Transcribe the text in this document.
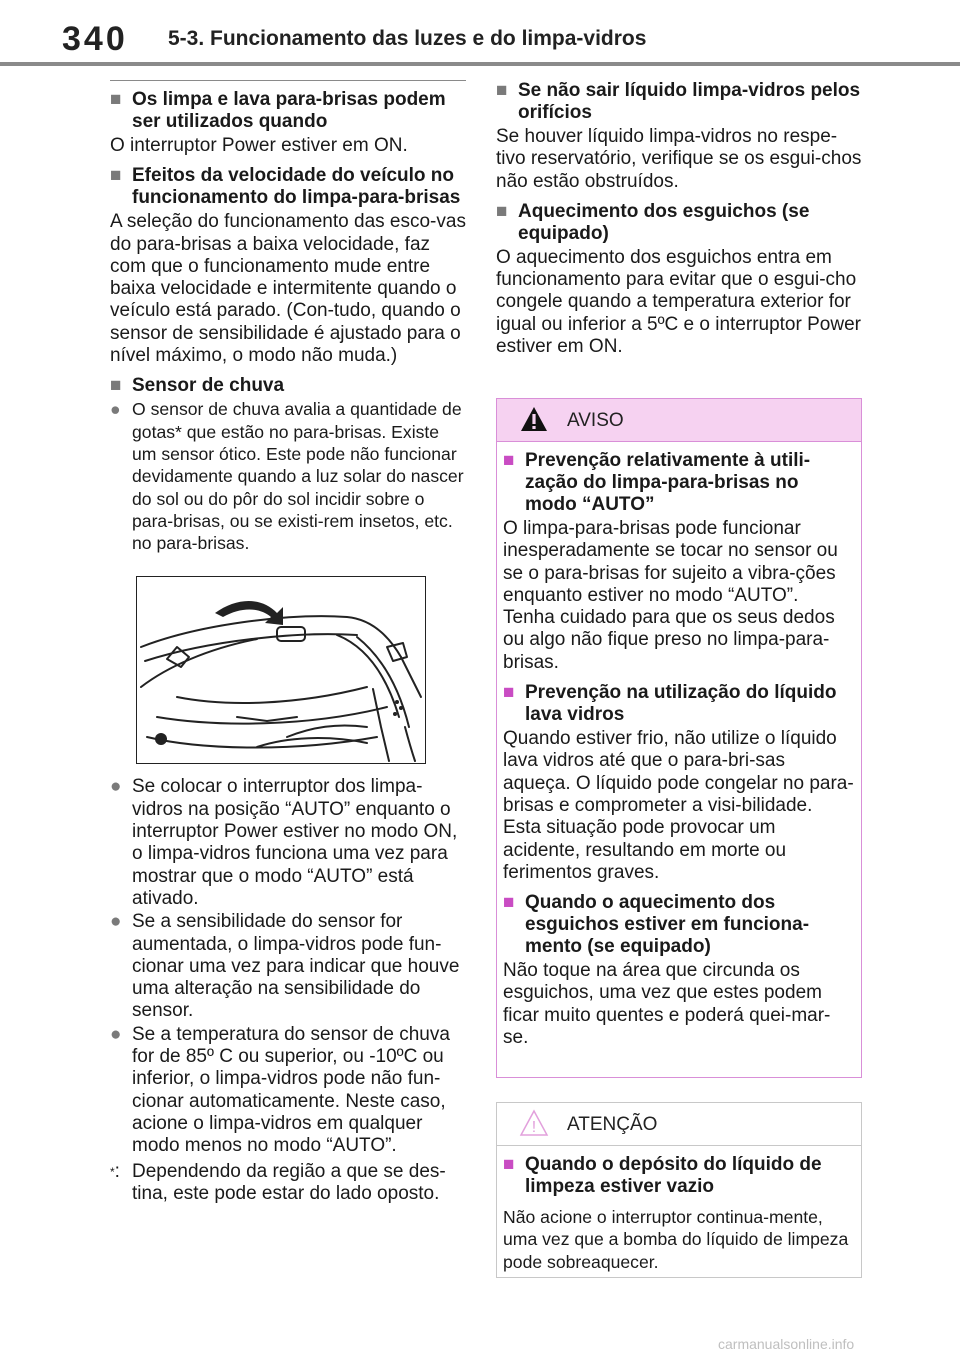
340 5-3. Funcionamento das luzes e do limpa-vidros
■ Os limpa e lava para-brisas podem ser utilizados quando
O interruptor Power estiver em ON.
■ Efeitos da velocidade do veículo no funcionamento do limpa-para-brisas
A seleção do funcionamento das esco-vas do para-brisas a baixa velocidade, faz com que o funcionamento mude entre baixa velocidade e intermitente quando o veículo está parado. (Con-tudo, quando o sensor de sensibilidade é ajustado para o nível máximo, o modo não muda.)
■ Sensor de chuva
● O sensor de chuva avalia a quantidade de gotas* que estão no para-brisas. Existe um sensor ótico. Este pode não funcionar devidamente quando a luz solar do nascer do sol ou do pôr do sol incidir sobre o para-brisas, ou se existi-rem insetos, etc. no para-brisas.
● Se colocar o interruptor dos limpa-vidros na posição “AUTO” enquanto o interruptor Power estiver no modo ON, o limpa-vidros funciona uma vez para mostrar que o modo “AUTO” está ativado.
● Se a sensibilidade do sensor for aumentada, o limpa-vidros pode fun-cionar uma vez para indicar que houve uma alteração na sensibilidade do sensor.
● Se a temperatura do sensor de chuva for de 85º C ou superior, ou -10ºC ou inferior, o limpa-vidros pode não fun-cionar automaticamente. Neste caso, acione o limpa-vidros em qualquer modo menos no modo “AUTO”.
*: Dependendo da região a que se des-tina, este pode estar do lado oposto.
■ Se não sair líquido limpa-vidros pelos orifícios
Se houver líquido limpa-vidros no respe-tivo reservatório, verifique se os esgui-chos não estão obstruídos.
■ Aquecimento dos esguichos (se equipado)
O aquecimento dos esguichos entra em funcionamento para evitar que o esgui-cho congele quando a temperatura exterior for igual ou inferior a 5ºC e o interruptor Power estiver em ON.
AVISO
■ Prevenção relativamente à utili-zação do limpa-para-brisas no modo “AUTO”
O limpa-para-brisas pode funcionar inesperadamente se tocar no sensor ou se o para-brisas for sujeito a vibra-ções enquanto estiver no modo “AUTO”. Tenha cuidado para que os seus dedos ou algo não fique preso no limpa-para-brisas.
■ Prevenção na utilização do líquido lava vidros
Quando estiver frio, não utilize o líquido lava vidros até que o para-bri-sas aqueça. O líquido pode congelar no para-brisas e comprometer a visi-bilidade. Esta situação pode provocar um acidente, resultando em morte ou ferimentos graves.
■ Quando o aquecimento dos esguichos estiver em funciona-mento (se equipado)
Não toque na área que circunda os esguichos, uma vez que estes podem ficar muito quentes e poderá quei-mar-se.
! ATENÇÃO
■ Quando o depósito do líquido de limpeza estiver vazio
Não acione o interruptor continua-mente, uma vez que a bomba do líquido de limpeza pode sobreaquecer.
carmanualsonline.info
